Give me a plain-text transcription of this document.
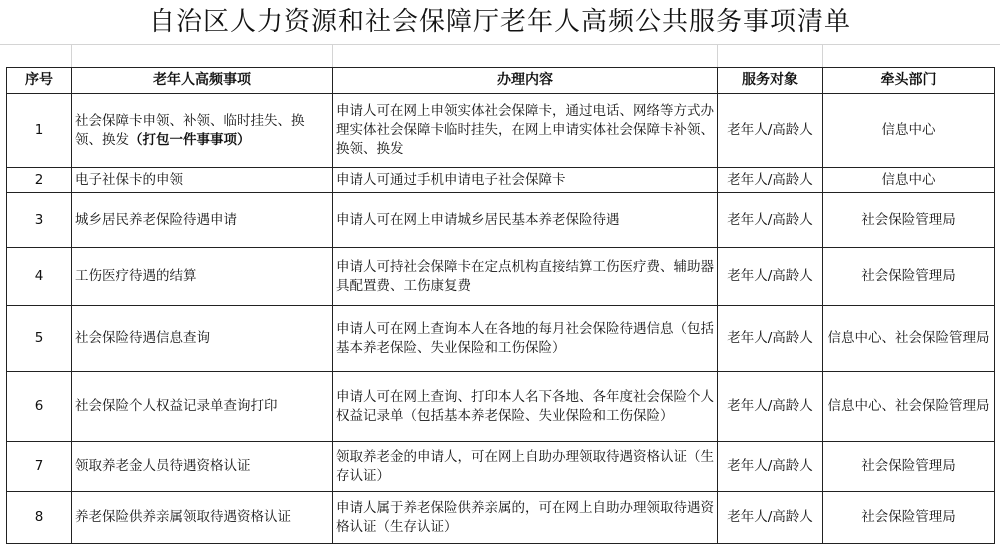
自治区人力资源和社会保障厅老年人高频公共服务事项清单
序号	老年人高频事项	办理内容	服务对象	牵头部门
1	社会保障卡申领、补领、临时挂失、换领、换发（打包一件事事项）	申请人可在网上申领实体社会保障卡，通过电话、网络等方式办理实体社会保障卡临时挂失，在网上申请实体社会保障卡补领、换领、换发	老年人/高龄人	信息中心
2	电子社保卡的申领	申请人可通过手机申请电子社会保障卡	老年人/高龄人	信息中心
3	城乡居民养老保险待遇申请	申请人可在网上申请城乡居民基本养老保险待遇	老年人/高龄人	社会保险管理局
4	工伤医疗待遇的结算	申请人可持社会保障卡在定点机构直接结算工伤医疗费、辅助器具配置费、工伤康复费	老年人/高龄人	社会保险管理局
5	社会保险待遇信息查询	申请人可在网上查询本人在各地的每月社会保险待遇信息（包括基本养老保险、失业保险和工伤保险）	老年人/高龄人	信息中心、社会保险管理局
6	社会保险个人权益记录单查询打印	申请人可在网上查询、打印本人名下各地、各年度社会保险个人权益记录单（包括基本养老保险、失业保险和工伤保险）	老年人/高龄人	信息中心、社会保险管理局
7	领取养老金人员待遇资格认证	领取养老金的申请人，可在网上自助办理领取待遇资格认证（生存认证）	老年人/高龄人	社会保险管理局
8	养老保险供养亲属领取待遇资格认证	申请人属于养老保险供养亲属的，可在网上自助办理领取待遇资格认证（生存认证）	老年人/高龄人	社会保险管理局
